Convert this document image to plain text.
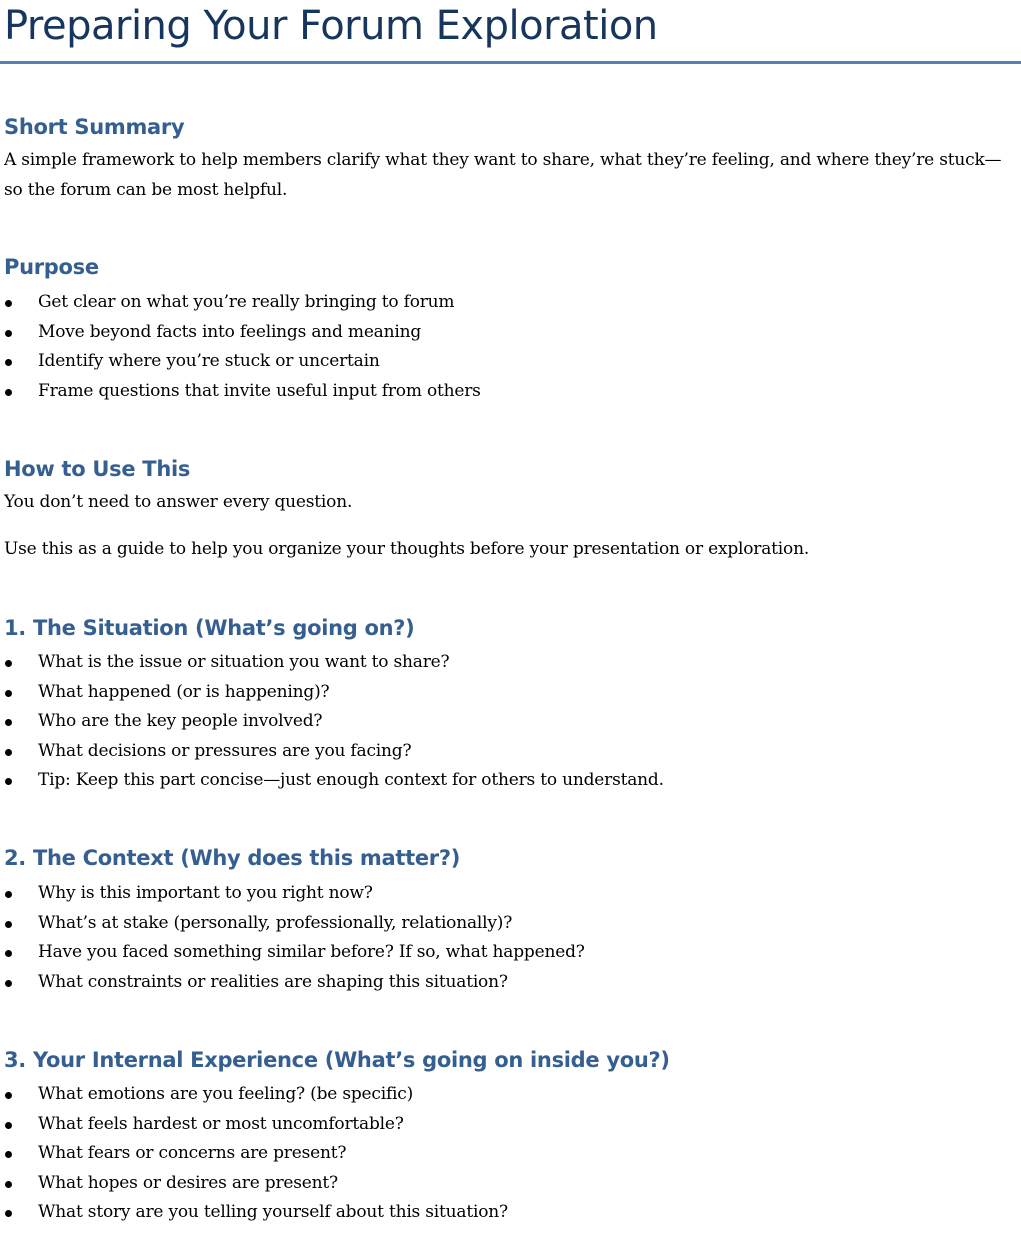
Preparing Your Forum Exploration
Short Summary
A simple framework to help members clarify what they want to share, what they’re feeling, and where they’re stuck—so the forum can be most helpful.
Purpose
Get clear on what you’re really bringing to forum
Move beyond facts into feelings and meaning
Identify where you’re stuck or uncertain
Frame questions that invite useful input from others
How to Use This
You don’t need to answer every question.
Use this as a guide to help you organize your thoughts before your presentation or exploration.
1. The Situation (What’s going on?)
What is the issue or situation you want to share?
What happened (or is happening)?
Who are the key people involved?
What decisions or pressures are you facing?
Tip: Keep this part concise—just enough context for others to understand.
2. The Context (Why does this matter?)
Why is this important to you right now?
What’s at stake (personally, professionally, relationally)?
Have you faced something similar before? If so, what happened?
What constraints or realities are shaping this situation?
3. Your Internal Experience (What’s going on inside you?)
What emotions are you feeling? (be specific)
What feels hardest or most uncomfortable?
What fears or concerns are present?
What hopes or desires are present?
What story are you telling yourself about this situation?
